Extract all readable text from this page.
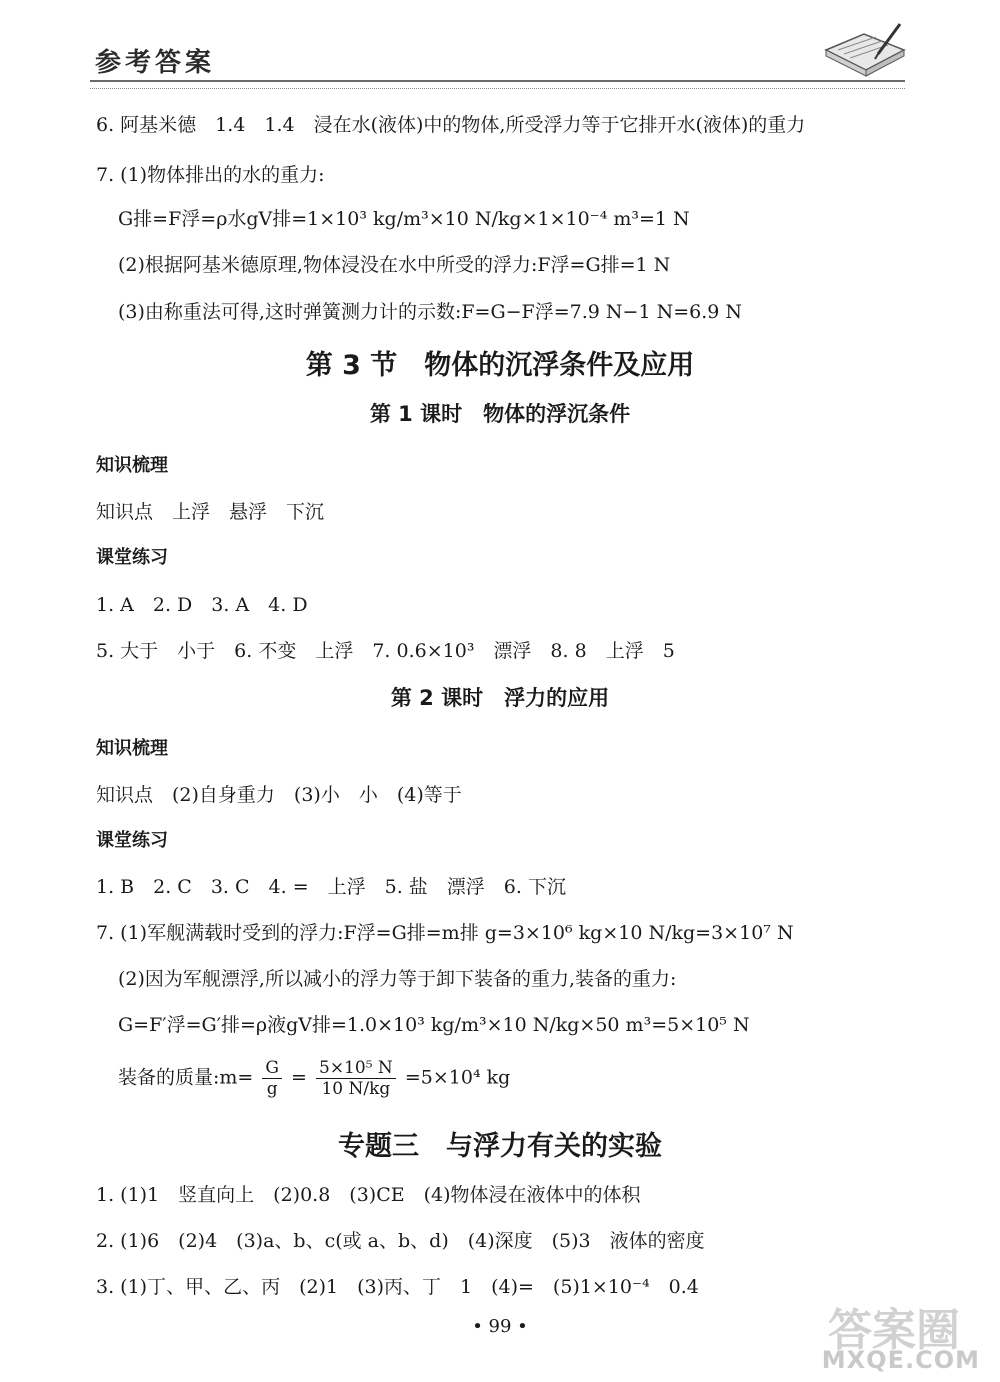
参考答案
6. 阿基米德　1.4　1.4　浸在水(液体)中的物体,所受浮力等于它排开水(液体)的重力
7. (1)物体排出的水的重力:
G排=F浮=ρ水gV排=1×10³ kg/m³×10 N/kg×1×10⁻⁴ m³=1 N
(2)根据阿基米德原理,物体浸没在水中所受的浮力:F浮=G排=1 N
(3)由称重法可得,这时弹簧测力计的示数:F=G−F浮=7.9 N−1 N=6.9 N
第 3 节　物体的沉浮条件及应用
第 1 课时　物体的浮沉条件
知识梳理
知识点　上浮　悬浮　下沉
课堂练习
1. A　2. D　3. A　4. D
5. 大于　小于　6. 不变　上浮　7. 0.6×10³　漂浮　8. 8　上浮　5
第 2 课时　浮力的应用
知识梳理
知识点　(2)自身重力　(3)小　小　(4)等于
课堂练习
1. B　2. C　3. C　4. =　上浮　5. 盐　漂浮　6. 下沉
7. (1)军舰满载时受到的浮力:F浮=G排=m排 g=3×10⁶ kg×10 N/kg=3×10⁷ N
(2)因为军舰漂浮,所以减小的浮力等于卸下装备的重力,装备的重力:
G=F′浮=G′排=ρ液gV排=1.0×10³ kg/m³×10 N/kg×50 m³=5×10⁵ N
装备的质量:m= $\frac{G}{g} = \frac{\text{5×10⁵ N}}{10 N/kg} =5\times 10^4$ kg
专题三　与浮力有关的实验
1. (1)1　竖直向上　(2)0.8　(3)CE　(4)物体浸在液体中的体积
2. (1)6　(2)4　(3)a、b、c(或 a、b、d)　(4)深度　(5)3　液体的密度
3. (1)丁、甲、乙、丙　(2)1　(3)丙、丁　1　(4)=　(5)1×10⁻⁴　0.4
• 99 •	答案圈
MXQE.COM
